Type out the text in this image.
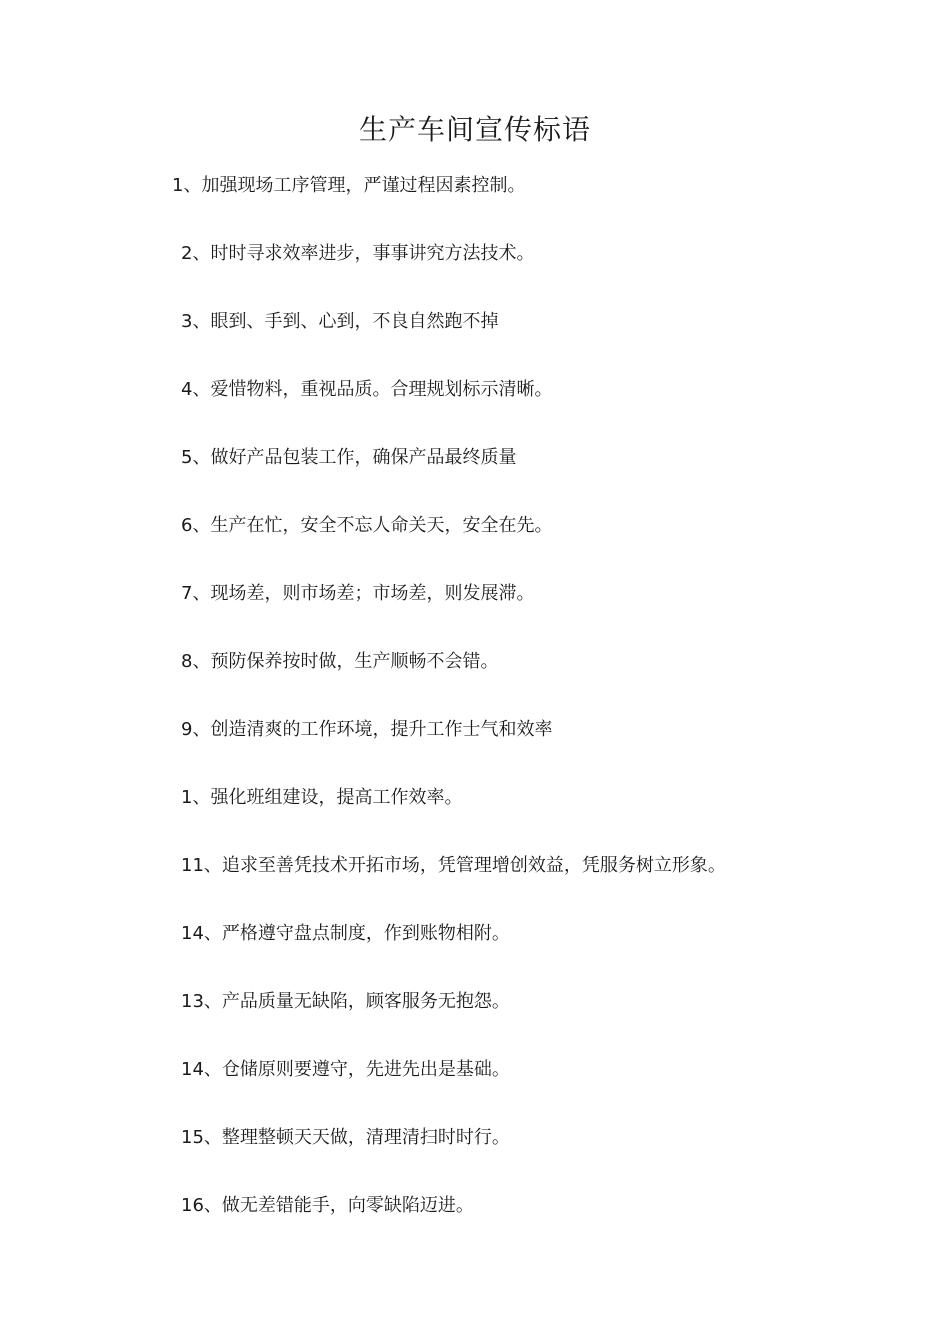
生产车间宣传标语
1、加强现场工序管理，严谨过程因素控制。
2、时时寻求效率进步，事事讲究方法技术。
3、眼到、手到、心到，不良自然跑不掉
4、爱惜物料，重视品质。合理规划标示清晰。
5、做好产品包装工作，确保产品最终质量
6、生产在忙，安全不忘人命关天，安全在先。
7、现场差，则市场差；市场差，则发展滞。
8、预防保养按时做，生产顺畅不会错。
9、创造清爽的工作环境，提升工作士气和效率
1、强化班组建设，提高工作效率。
11、追求至善凭技术开拓市场，凭管理增创效益，凭服务树立形象。
14、严格遵守盘点制度，作到账物相附。
13、产品质量无缺陷，顾客服务无抱怨。
14、仓储原则要遵守，先进先出是基础。
15、整理整顿天天做，清理清扫时时行。
16、做无差错能手，向零缺陷迈进。
